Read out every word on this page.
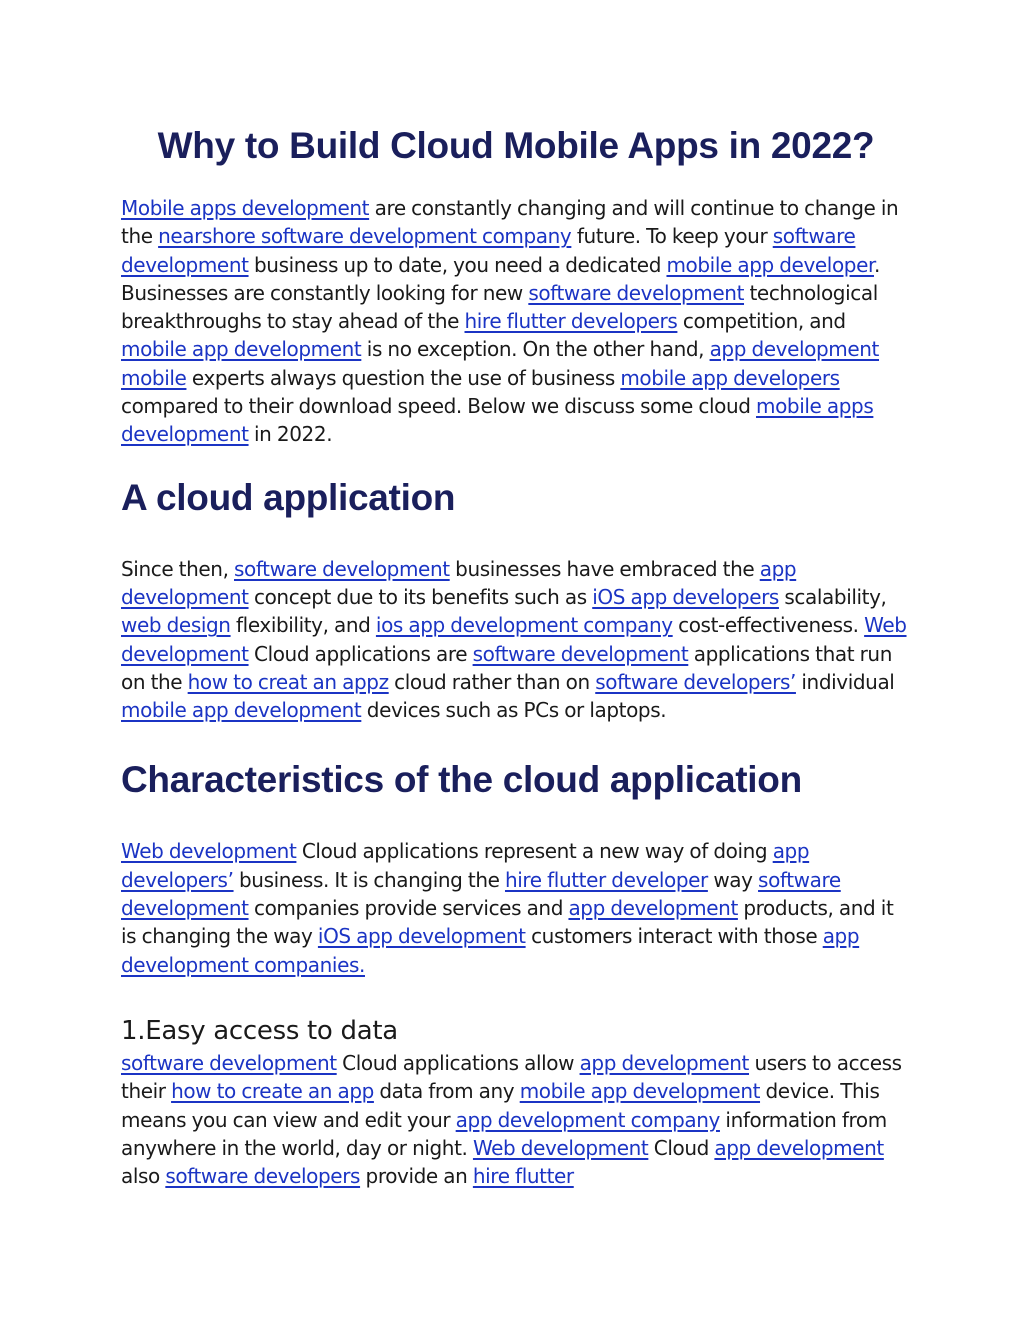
Why to Build Cloud Mobile Apps in 2022?

Mobile apps development are constantly changing and will continue to change in the nearshore software development company future. To keep your software development business up to date, you need a dedicated mobile app developer. Businesses are constantly looking for new software development technological breakthroughs to stay ahead of the hire flutter developers competition, and mobile app development is no exception. On the other hand, app development mobile experts always question the use of business mobile app developers compared to their download speed. Below we discuss some cloud mobile apps development in 2022.

A cloud application

Since then, software development businesses have embraced the app development concept due to its benefits such as iOS app developers scalability, web design flexibility, and ios app development company cost-effectiveness. Web development Cloud applications are software development applications that run on the how to creat an appz cloud rather than on software developers’ individual mobile app development devices such as PCs or laptops.

Characteristics of the cloud application

Web development Cloud applications represent a new way of doing app developers’ business. It is changing the hire flutter developer way software development companies provide services and app development products, and it is changing the way iOS app development customers interact with those app development companies.

1.Easy access to data

software development Cloud applications allow app development users to access their how to create an app data from any mobile app development device. This means you can view and edit your app development company information from anywhere in the world, day or night. Web development Cloud app development also software developers provide an hire flutter
